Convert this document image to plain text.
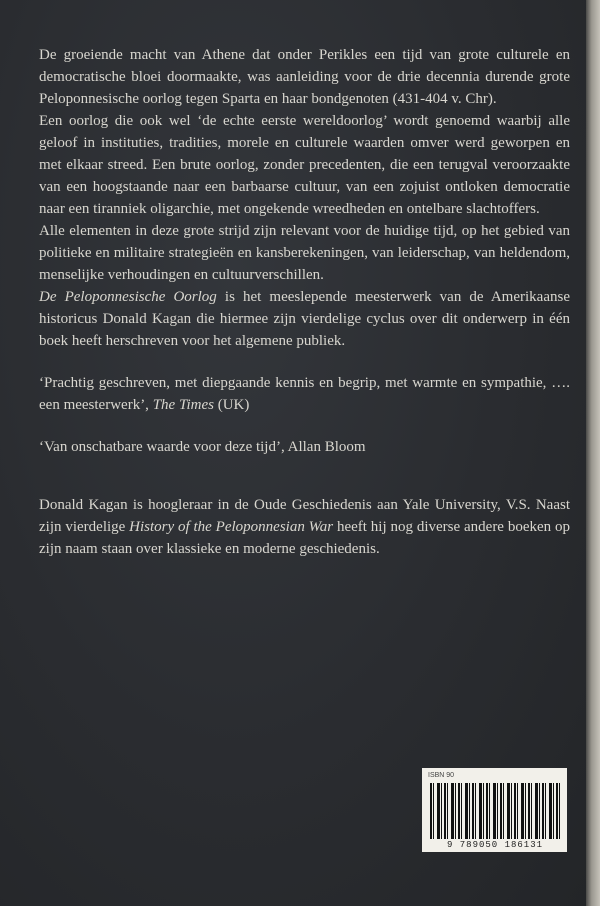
De groeiende macht van Athene dat onder Perikles een tijd van grote culturele en democratische bloei doormaakte, was aanleiding voor de drie decennia durende grote Peloponnesische oorlog tegen Sparta en haar bondgenoten (431-404 v. Chr).

Een oorlog die ook wel ‘de echte eerste wereldoorlog’ wordt genoemd waarbij alle geloof in instituties, tradities, morele en culturele waarden omver werd geworpen en met elkaar streed. Een brute oorlog, zonder precedenten, die een terugval veroorzaakte van een hoogstaande naar een barbaarse cultuur, van een zojuist ontloken democratie naar een tiranniek oligarchie, met ongekende wreedheden en ontelbare slachtoffers.

Alle elementen in deze grote strijd zijn relevant voor de huidige tijd, op het gebied van politieke en militaire strategieën en kansberekeningen, van leiderschap, van heldendom, menselijke verhoudingen en cultuurverschillen.

De Peloponnesische Oorlog is het meeslepende meesterwerk van de Amerikaanse historicus Donald Kagan die hiermee zijn vierdelige cyclus over dit onderwerp in één boek heeft herschreven voor het algemene publiek.

‘Prachtig geschreven, met diepgaande kennis en begrip, met warmte en sympathie, …. een meesterwerk’, The Times (UK)

‘Van onschatbare waarde voor deze tijd’, Allan Bloom

Donald Kagan is hoogleraar in de Oude Geschiedenis aan Yale University, V.S. Naast zijn vierdelige History of the Peloponnesian War heeft hij nog diverse andere boeken op zijn naam staan over klassieke en moderne geschiedenis.

ISBN 90
9 789050 186131
